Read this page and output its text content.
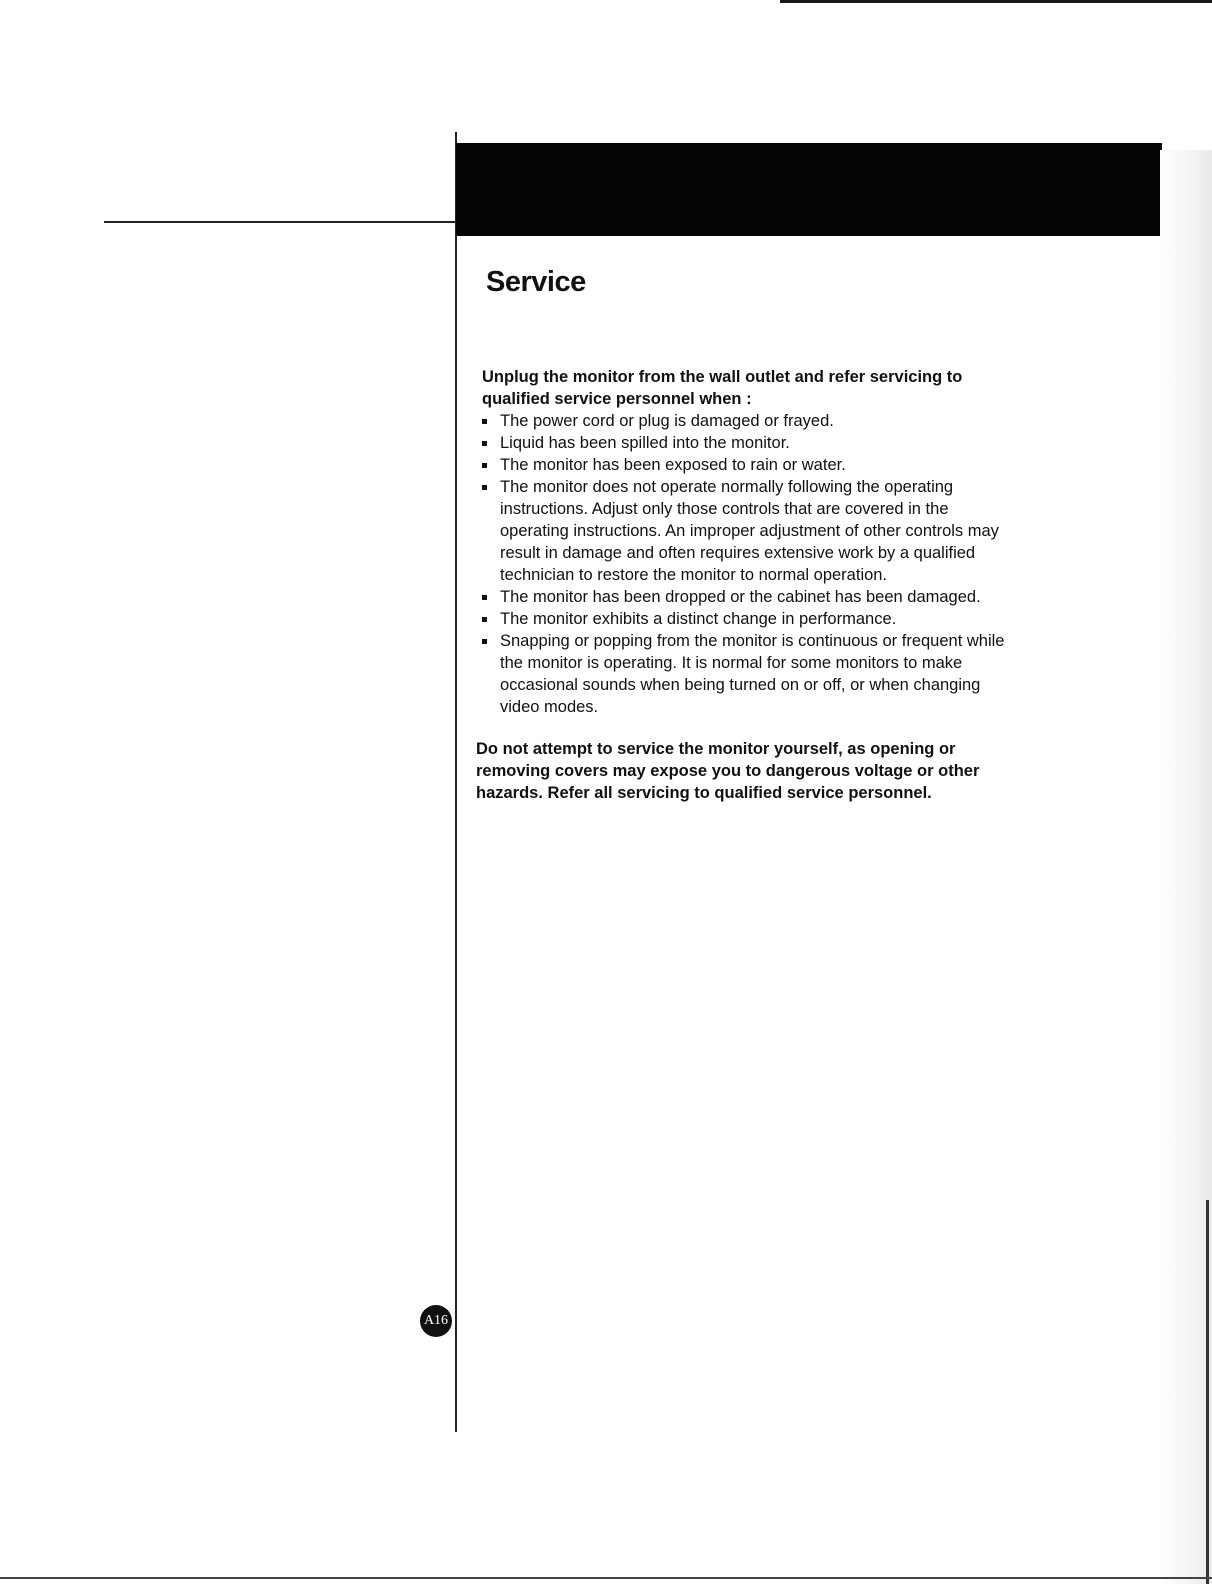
Service

Unplug the monitor from the wall outlet and refer servicing to qualified service personnel when :

The power cord or plug is damaged or frayed.
Liquid has been spilled into the monitor.
The monitor has been exposed to rain or water.
The monitor does not operate normally following the operating instructions. Adjust only those controls that are covered in the operating instructions. An improper adjustment of other controls may result in damage and often requires extensive work by a qualified technician to restore the monitor to normal operation.
The monitor has been dropped or the cabinet has been damaged.
The monitor exhibits a distinct change in performance.
Snapping or popping from the monitor is continuous or frequent while the monitor is operating. It is normal for some monitors to make occasional sounds when being turned on or off, or when changing video modes.

Do not attempt to service the monitor yourself, as opening or removing covers may expose you to dangerous voltage or other hazards. Refer all servicing to qualified service personnel.

A16
